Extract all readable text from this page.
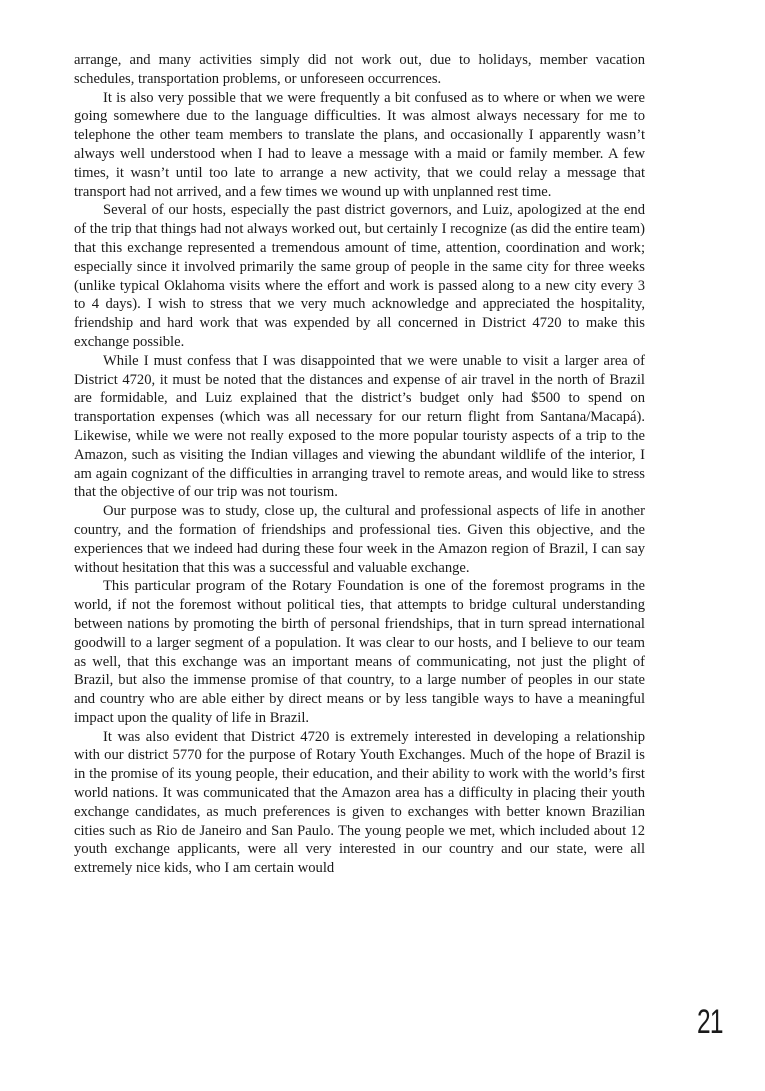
arrange, and many activities simply did not work out, due to holidays, member vacation schedules, transportation problems, or unforeseen occurrences.

It is also very possible that we were frequently a bit confused as to where or when we were going somewhere due to the language difficulties. It was almost always necessary for me to telephone the other team members to translate the plans, and occasionally I apparently wasn’t always well understood when I had to leave a message with a maid or family member. A few times, it wasn’t until too late to arrange a new activity, that we could relay a message that transport had not arrived, and a few times we wound up with unplanned rest time.

Several of our hosts, especially the past district governors, and Luiz, apologized at the end of the trip that things had not always worked out, but certainly I recognize (as did the entire team) that this exchange represented a tremendous amount of time, attention, coordination and work; especially since it involved primarily the same group of people in the same city for three weeks (unlike typical Oklahoma visits where the effort and work is passed along to a new city every 3 to 4 days). I wish to stress that we very much acknowledge and appreciated the hospitality, friendship and hard work that was expended by all concerned in District 4720 to make this exchange possible.

While I must confess that I was disappointed that we were unable to visit a larger area of District 4720, it must be noted that the distances and expense of air travel in the north of Brazil are formidable, and Luiz explained that the district’s budget only had $500 to spend on transportation expenses (which was all necessary for our return flight from Santana/Macapá). Likewise, while we were not really exposed to the more popular touristy aspects of a trip to the Amazon, such as visiting the Indian villages and viewing the abundant wildlife of the interior, I am again cognizant of the difficulties in arranging travel to remote areas, and would like to stress that the objective of our trip was not tourism.

Our purpose was to study, close up, the cultural and professional aspects of life in another country, and the formation of friendships and professional ties. Given this objective, and the experiences that we indeed had during these four week in the Amazon region of Brazil, I can say without hesitation that this was a successful and valuable exchange.

This particular program of the Rotary Foundation is one of the foremost programs in the world, if not the foremost without political ties, that attempts to bridge cultural understanding between nations by promoting the birth of personal friendships, that in turn spread international goodwill to a larger segment of a population. It was clear to our hosts, and I believe to our team as well, that this exchange was an important means of communicating, not just the plight of Brazil, but also the immense promise of that country, to a large number of peoples in our state and country who are able either by direct means or by less tangible ways to have a meaningful impact upon the quality of life in Brazil.

It was also evident that District 4720 is extremely interested in developing a relationship with our district 5770 for the purpose of Rotary Youth Exchanges. Much of the hope of Brazil is in the promise of its young people, their education, and their ability to work with the world’s first world nations. It was communicated that the Amazon area has a difficulty in placing their youth exchange candidates, as much preferences is given to exchanges with better known Brazilian cities such as Rio de Janeiro and San Paulo. The young people we met, which included about 12 youth exchange applicants, were all very interested in our country and our state, were all extremely nice kids, who I am certain would

21
